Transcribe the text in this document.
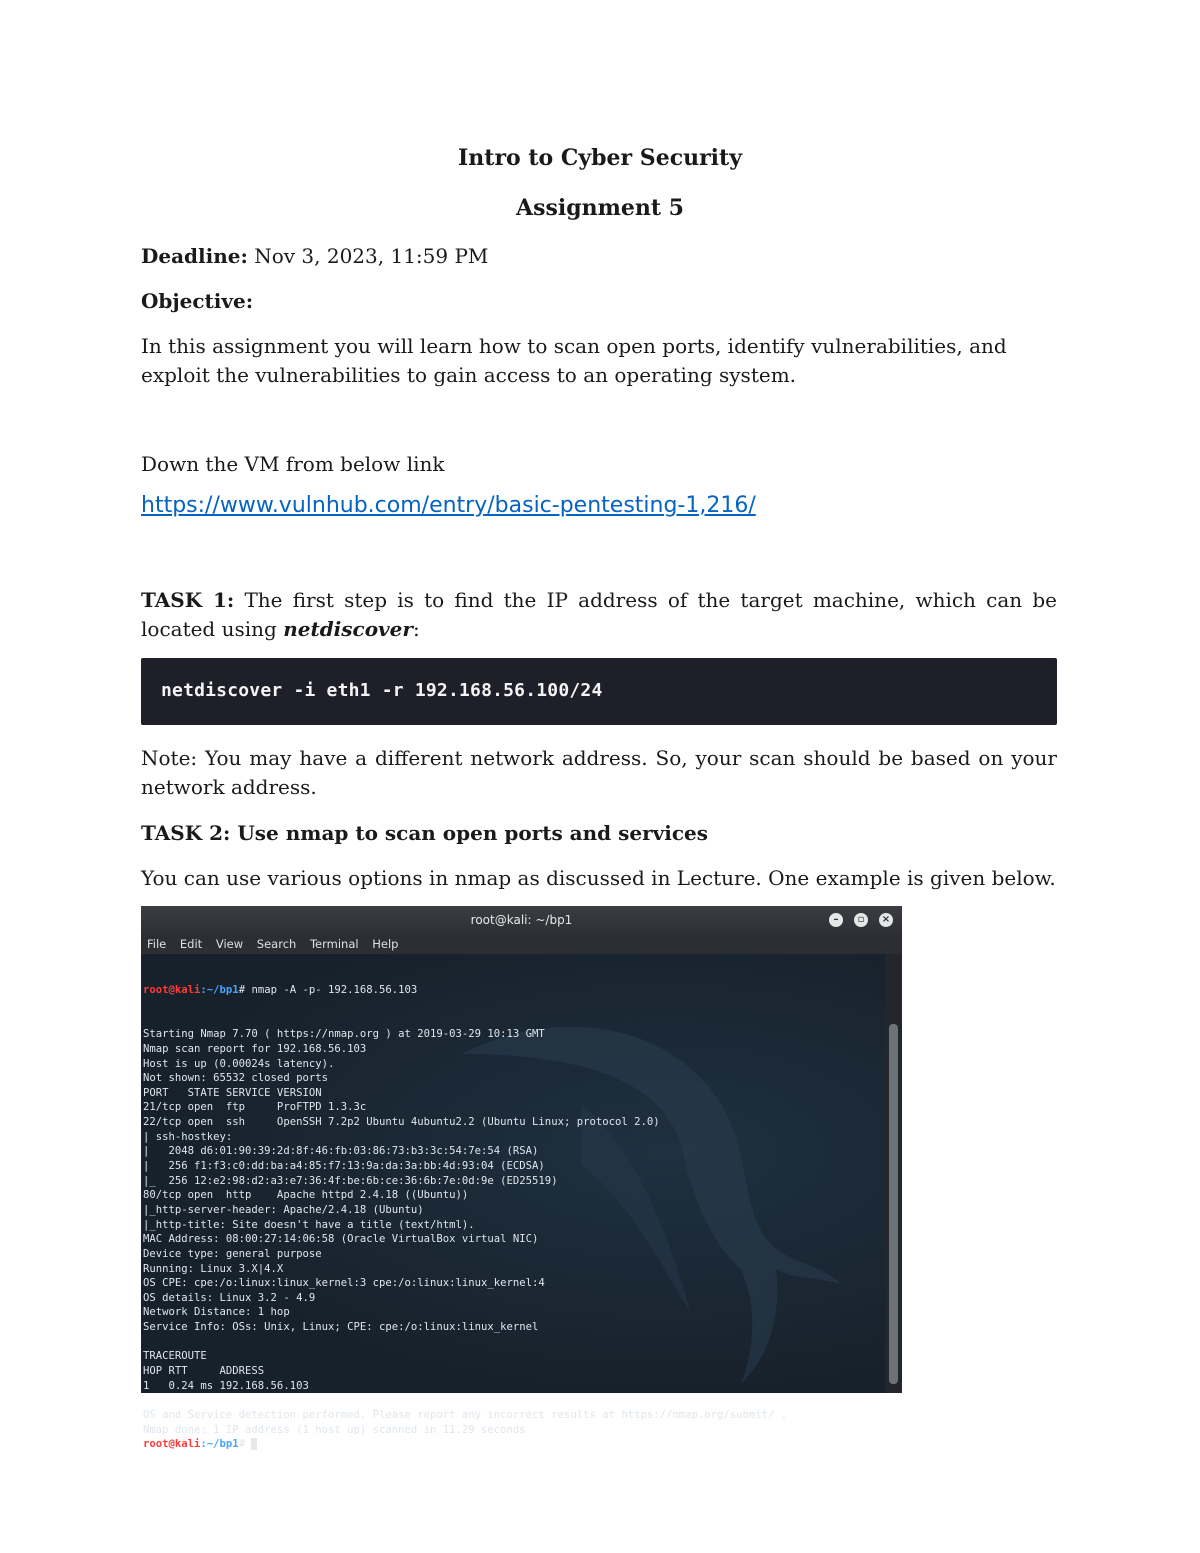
Intro to Cyber Security
Assignment 5
Deadline: Nov 3, 2023, 11:59 PM
Objective:
In this assignment you will learn how to scan open ports, identify vulnerabilities, and exploit the vulnerabilities to gain access to an operating system.
Down the VM from below link
https://www.vulnhub.com/entry/basic-pentesting-1,216/
TASK 1: The first step is to find the IP address of the target machine, which can be located using netdiscover:
netdiscover -i eth1 -r 192.168.56.100/24
Note: You may have a different network address. So, your scan should be based on your network address.
TASK 2: Use nmap to scan open ports and services
You can use various options in nmap as discussed in Lecture. One example is given below.
root@kali: ~/bp1	–	▫	×
File Edit View Search Terminal Help

root@kali:~/bp1# nmap -A -p- 192.168.56.103

Starting Nmap 7.70 ( https://nmap.org ) at 2019-03-29 10:13 GMT
Nmap scan report for 192.168.56.103
Host is up (0.00024s latency).
Not shown: 65532 closed ports
PORT   STATE SERVICE VERSION
21/tcp open  ftp     ProFTPD 1.3.3c
22/tcp open  ssh     OpenSSH 7.2p2 Ubuntu 4ubuntu2.2 (Ubuntu Linux; protocol 2.0)
| ssh-hostkey:
|   2048 d6:01:90:39:2d:8f:46:fb:03:86:73:b3:3c:54:7e:54 (RSA)
|   256 f1:f3:c0:dd:ba:a4:85:f7:13:9a:da:3a:bb:4d:93:04 (ECDSA)
|_  256 12:e2:98:d2:a3:e7:36:4f:be:6b:ce:36:6b:7e:0d:9e (ED25519)
80/tcp open  http    Apache httpd 2.4.18 ((Ubuntu))
|_http-server-header: Apache/2.4.18 (Ubuntu)
|_http-title: Site doesn't have a title (text/html).
MAC Address: 08:00:27:14:06:58 (Oracle VirtualBox virtual NIC)
Device type: general purpose
Running: Linux 3.X|4.X
OS CPE: cpe:/o:linux:linux_kernel:3 cpe:/o:linux:linux_kernel:4
OS details: Linux 3.2 - 4.9
Network Distance: 1 hop
Service Info: OSs: Unix, Linux; CPE: cpe:/o:linux:linux_kernel
TRACEROUTE
HOP RTT     ADDRESS
1   0.24 ms 192.168.56.103
OS and Service detection performed. Please report any incorrect results at https://nmap.org/submit/ .
Nmap done: 1 IP address (1 host up) scanned in 11.29 seconds
root@kali:~/bp1#
